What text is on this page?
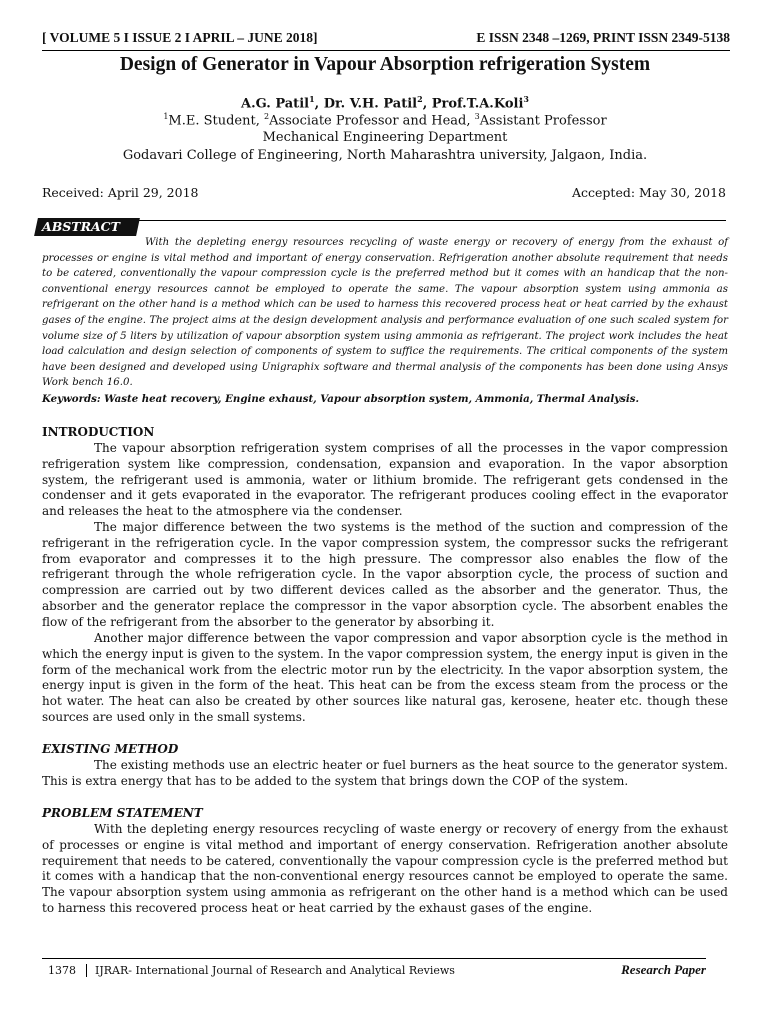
[ VOLUME 5 I ISSUE 2 I APRIL – JUNE 2018]	E ISSN 2348 –1269, PRINT ISSN 2349-5138
Design of Generator in Vapour Absorption refrigeration System
A.G. Patil$^1$, Dr. V.H. Patil$^2$, Prof.T.A.Koli$^3$
$^1$M.E. Student, $^2$Associate Professor and Head, $^3$Assistant Professor
Mechanical Engineering Department
Godavari College of Engineering, North Maharashtra university, Jalgaon, India.
Received: April 29, 2018	Accepted: May 30, 2018
ABSTRACT

With the depleting energy resources recycling of waste energy or recovery of energy from the exhaust of processes or engine is vital method and important of energy conservation. Refrigeration another absolute requirement that needs to be catered, conventionally the vapour compression cycle is the preferred method but it comes with an handicap that the non-conventional energy resources cannot be employed to operate the same. The vapour absorption system using ammonia as refrigerant on the other hand is a method which can be used to harness this recovered process heat or heat carried by the exhaust gases of the engine. The project aims at the design development analysis and performance evaluation of one such scaled system for volume size of 5 liters by utilization of vapour absorption system using ammonia as refrigerant. The project work includes the heat load calculation and design selection of components of system to suffice the requirements. The critical components of the system have been designed and developed using Unigraphix software and thermal analysis of the components has been done using Ansys Work bench 16.0.

Keywords: Waste heat recovery, Engine exhaust, Vapour absorption system, Ammonia, Thermal Analysis.
INTRODUCTION

The vapour absorption refrigeration system comprises of all the processes in the vapor compression refrigeration system like compression, condensation, expansion and evaporation. In the vapor absorption system, the refrigerant used is ammonia, water or lithium bromide. The refrigerant gets condensed in the condenser and it gets evaporated in the evaporator. The refrigerant produces cooling effect in the evaporator and releases the heat to the atmosphere via the condenser.

The major difference between the two systems is the method of the suction and compression of the refrigerant in the refrigeration cycle. In the vapor compression system, the compressor sucks the refrigerant from evaporator and compresses it to the high pressure. The compressor also enables the flow of the refrigerant through the whole refrigeration cycle. In the vapor absorption cycle, the process of suction and compression are carried out by two different devices called as the absorber and the generator. Thus, the absorber and the generator replace the compressor in the vapor absorption cycle. The absorbent enables the flow of the refrigerant from the absorber to the generator by absorbing it.

Another major difference between the vapor compression and vapor absorption cycle is the method in which the energy input is given to the system. In the vapor compression system, the energy input is given in the form of the mechanical work from the electric motor run by the electricity. In the vapor absorption system, the energy input is given in the form of the heat. This heat can be from the excess steam from the process or the hot water. The heat can also be created by other sources like natural gas, kerosene, heater etc. though these sources are used only in the small systems.

EXISTING METHOD

The existing methods use an electric heater or fuel burners as the heat source to the generator system. This is extra energy that has to be added to the system that brings down the COP of the system.

PROBLEM STATEMENT

With the depleting energy resources recycling of waste energy or recovery of energy from the exhaust of processes or engine is vital method and important of energy conservation. Refrigeration another absolute requirement that needs to be catered, conventionally the vapour compression cycle is the preferred method but it comes with a handicap that the non-conventional energy resources cannot be employed to operate the same. The vapour absorption system using ammonia as refrigerant on the other hand is a method which can be used to harness this recovered process heat or heat carried by the exhaust gases of the engine.

1378	IJRAR- International Journal of Research and Analytical Reviews	Research Paper
